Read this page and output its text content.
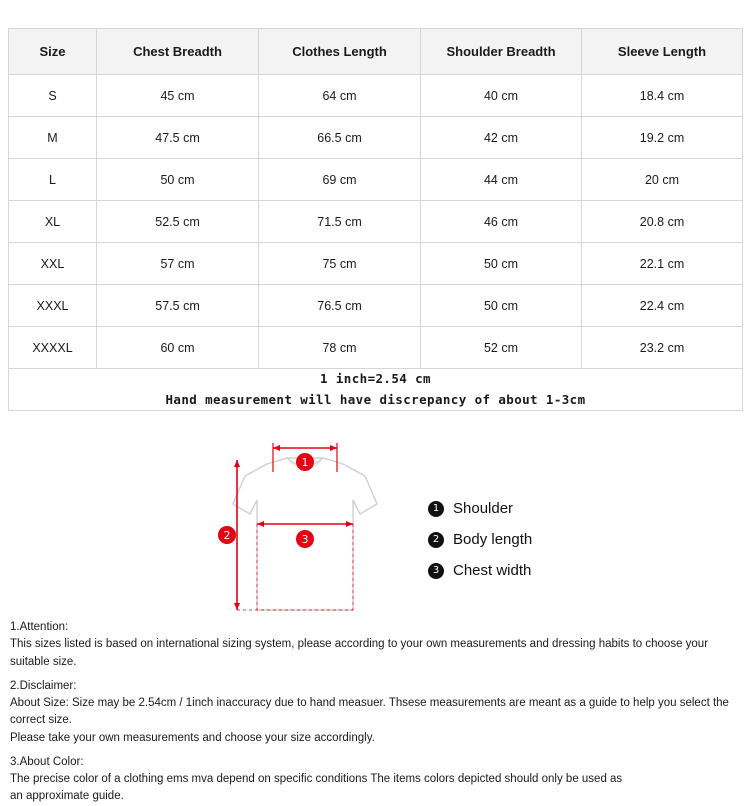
Size	Chest Breadth	Clothes Length	Shoulder Breadth	Sleeve Length
S	45 cm	64 cm	40 cm	18.4 cm
M	47.5 cm	66.5 cm	42 cm	19.2 cm
L	50 cm	69 cm	44 cm	20 cm
XL	52.5 cm	71.5 cm	46 cm	20.8 cm
XXL	57 cm	75 cm	50 cm	22.1 cm
XXXL	57.5 cm	76.5 cm	50 cm	22.4 cm
XXXXL	60 cm	78 cm	52 cm	23.2 cm

1 inch=2.54 cm
Hand measurement will have discrepancy of about 1-3cm				
1
2	3
1 Shoulder
2 Body length
3 Chest width

1.Attention:

This sizes listed is based on international sizing system, please according to your own measurements and dressing habits to choose your suitable size.

2.Disclaimer:

About Size: Size may be 2.54cm / 1inch inaccuracy due to hand measuer. Thsese measurements are meant as a guide to help you select the correct size.

Please take your own measurements and choose your size accordingly.

3.About Color:

The precise color of a clothing ems mva depend on specific conditions The items colors depicted should only be used as

an approximate guide.
